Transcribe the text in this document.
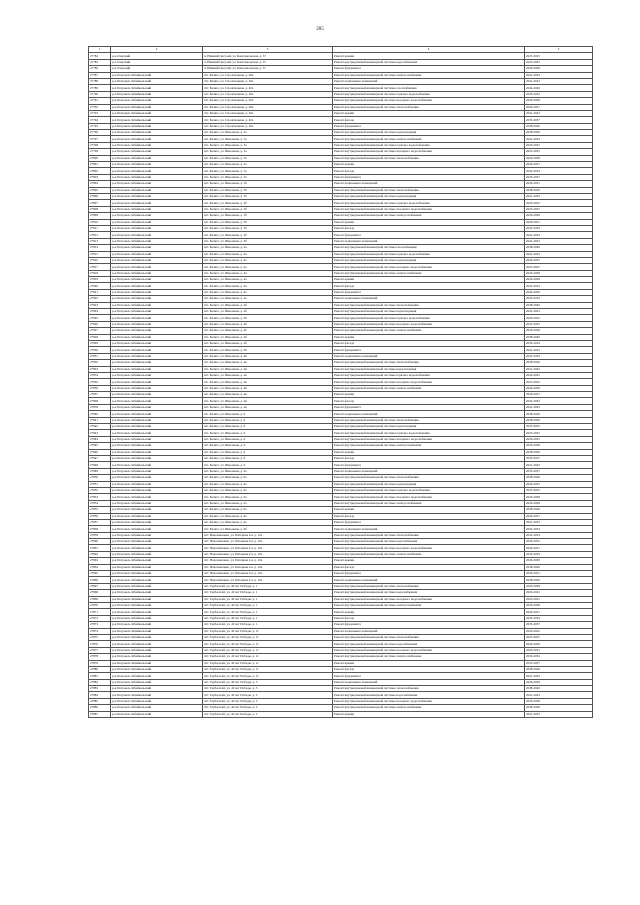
205
1	2	3	4	5
27784	р-н Озерский	п. Нижний Цасучей, ул. Комсомольская, д. 37	Ремонт крыши	2023-2025
27785	р-н Озерский	п. Нижний Цасучей, ул. Комсомольская, д. 37	Ремонт внутридомовой инженерной системы водоснабжения	2023-2025
27786	р-н Озерский	п. Нижний Цасучей, ул. Комсомольская, д. 37	Ремонт фундамента	2026-2028
27787	р-н Петровск-Забайкальский	пгт. Балягa, ул. Строительная, д. 40а	Ремонт внутридомовой инженерной системы электроснабжения	2041-2043
27788	р-н Петровск-Забайкальский	пгт. Балягa, ул. Строительная, д. 40а	Ремонт подвальных помещений	2041-2043
27789	р-н Петровск-Забайкальский	пгт. Балягa, ул. Строительная, д. 40а	Ремонт внутридомовой инженерной системы газоснабжения	2044-2046
27790	р-н Петровск-Забайкальский	пгт. Балягa, ул. Строительная, д. 40а	Ремонт внутридомовой инженерной системы горячего водоснабжения	2020-2022
27791	р-н Петровск-Забайкальский	пгт. Балягa, ул. Строительная, д. 40а	Ремонт внутридомовой инженерной системы холодного водоснабжения	2026-2028
27792	р-н Петровск-Забайкальский	пгт. Балягa, ул. Строительная, д. 40а	Ремонт внутридомовой инженерной системы теплоснабжения	2029-2031
27793	р-н Петровск-Забайкальский	пгт. Балягa, ул. Строительная, д. 40а	Ремонт крыши	2041-2043
27794	р-н Петровск-Забайкальский	пгт. Балягa, ул. Строительная, д. 40а	Ремонт фасада	2035-2037
27795	р-н Петровск-Забайкальский	пгт. Балягa, ул. Строительная, д. 40а	Ремонт фундамента	2038-2040
27796	р-н Петровск-Забайкальский	пгт. Балягa, ул. Школьная, д. 3а	Ремонт внутридомовой инженерной системы водоотведения	2038-2040
27797	р-н Петровск-Забайкальский	пгт. Балягa, ул. Школьная, д. 3а	Ремонт внутридомовой инженерной системы электроснабжения	2041-2043
27798	р-н Петровск-Забайкальский	пгт. Балягa, ул. Школьная, д. 3а	Ремонт внутридомовой инженерной системы горячего водоснабжения	2020-2022
27799	р-н Петровск-Забайкальский	пгт. Балягa, ул. Школьная, д. 3а	Ремонт внутридомовой инженерной системы холодного водоснабжения	2023-2025
27800	р-н Петровск-Забайкальский	пгт. Балягa, ул. Школьная, д. 3а	Ремонт внутридомовой инженерной системы теплоснабжения	2026-2028
27801	р-н Петровск-Забайкальский	пгт. Балягa, ул. Школьная, д. 3а	Ремонт крыши	2029-2031
27802	р-н Петровск-Забайкальский	пгт. Балягa, ул. Школьная, д. 3а	Ремонт фасада	2032-2034
27803	р-н Петровск-Забайкальский	пгт. Балягa, ул. Школьная, д. 3а	Ремонт фундамента	2035-2037
27804	р-н Петровск-Забайкальский	пгт. Балягa, ул. Школьная, д. 3б	Ремонт подвальных помещений	2029-2031
27805	р-н Петровск-Забайкальский	пгт. Балягa, ул. Школьная, д. 3б	Ремонт внутридомовой инженерной системы теплоснабжения	2038-2040
27806	р-н Петровск-Забайкальский	пгт. Балягa, ул. Школьная, д. 3б	Ремонт внутридомовой инженерной системы водоотведения	2041-2043
27807	р-н Петровск-Забайкальский	пгт. Балягa, ул. Школьная, д. 3б	Ремонт внутридомовой инженерной системы горячего водоснабжения	2020-2022
27808	р-н Петровск-Забайкальский	пгт. Балягa, ул. Школьная, д. 3б	Ремонт внутридомовой инженерной системы холодного водоснабжения	2023-2025
27809	р-н Петровск-Забайкальский	пгт. Балягa, ул. Школьная, д. 3б	Ремонт внутридомовой инженерной системы электроснабжения	2026-2028
27810	р-н Петровск-Забайкальский	пгт. Балягa, ул. Школьная, д. 3б	Ремонт крыши	2029-2031
27811	р-н Петровск-Забайкальский	пгт. Балягa, ул. Школьная, д. 3б	Ремонт фасада	2032-2034
27812	р-н Петровск-Забайкальский	пгт. Балягa, ул. Школьная, д. 3б	Ремонт фундамента	2041-2043
27813	р-н Петровск-Забайкальский	пгт. Балягa, ул. Школьная, д. 3б	Ремонт подвальных помещений	2041-2043
27814	р-н Петровск-Забайкальский	пгт. Балягa, ул. Школьная, д. 4а	Ремонт внутридомовой инженерной системы газоснабжения	2038-2040
27815	р-н Петровск-Забайкальский	пгт. Балягa, ул. Школьная, д. 4а	Ремонт внутридомовой инженерной системы горячего водоснабжения	2041-2043
27816	р-н Петровск-Забайкальский	пгт. Балягa, ул. Школьная, д. 4а	Ремонт внутридомовой инженерной системы водоотведения	2020-2022
27817	р-н Петровск-Забайкальский	пгт. Балягa, ул. Школьная, д. 4а	Ремонт внутридомовой инженерной системы холодного водоснабжения	2023-2025
27818	р-н Петровск-Забайкальский	пгт. Балягa, ул. Школьная, д. 4а	Ремонт внутридомовой инженерной системы электроснабжения	2026-2028
27819	р-н Петровск-Забайкальский	пгт. Балягa, ул. Школьная, д. 4а	Ремонт крыши	2026-2028
27820	р-н Петровск-Забайкальский	пгт. Балягa, ул. Школьная, д. 4а	Ремонт фасада	2032-2034
27821	р-н Петровск-Забайкальский	пгт. Балягa, ул. Школьная, д. 4а	Ремонт фундамента	2044-2046
27822	р-н Петровск-Забайкальский	пгт. Балягa, ул. Школьная, д. 4а	Ремонт подвальных помещений	2032-2034
27823	р-н Петровск-Забайкальский	пгт. Балягa, ул. Школьная, д. 4б	Ремонт внутридомовой инженерной системы теплоснабжения	2038-2040
27824	р-н Петровск-Забайкальский	пгт. Балягa, ул. Школьная, д. 4б	Ремонт внутридомовой инженерной системы водоотведения	2041-2043
27825	р-н Петровск-Забайкальский	пгт. Балягa, ул. Школьная, д. 4б	Ремонт внутридомовой инженерной системы горячего водоснабжения	2020-2022
27826	р-н Петровск-Забайкальский	пгт. Балягa, ул. Школьная, д. 4б	Ремонт внутридомовой инженерной системы холодного водоснабжения	2023-2025
27827	р-н Петровск-Забайкальский	пгт. Балягa, ул. Школьная, д. 4б	Ремонт внутридомовой инженерной системы электроснабжения	2026-2028
27828	р-н Петровск-Забайкальский	пгт. Балягa, ул. Школьная, д. 4б	Ремонт крыши	2038-2040
27829	р-н Петровск-Забайкальский	пгт. Балягa, ул. Школьная, д. 4б	Ремонт фасада	2032-2034
27830	р-н Петровск-Забайкальский	пгт. Балягa, ул. Школьная, д. 4б	Ремонт фундамента	2041-2043
27831	р-н Петровск-Забайкальский	пгт. Балягa, ул. Школьная, д. 4в	Ремонт подвальных помещений	2032-2034
27832	р-н Петровск-Забайкальский	пгт. Балягa, ул. Школьная, д. 4в	Ремонт внутридомовой инженерной системы теплоснабжения	2038-2040
27833	р-н Петровск-Забайкальский	пгт. Балягa, ул. Школьная, д. 4в	Ремонт внутридомовой инженерной системы водоотведения	2041-2043
27834	р-н Петровск-Забайкальский	пгт. Балягa, ул. Школьная, д. 4в	Ремонт внутридомовой инженерной системы горячего водоснабжения	2020-2022
27835	р-н Петровск-Забайкальский	пгт. Балягa, ул. Школьная, д. 4в	Ремонт внутридомовой инженерной системы холодного водоснабжения	2023-2025
27836	р-н Петровск-Забайкальский	пгт. Балягa, ул. Школьная, д. 4в	Ремонт внутридомовой инженерной системы электроснабжения	2026-2028
27837	р-н Петровск-Забайкальский	пгт. Балягa, ул. Школьная, д. 4в	Ремонт крыши	2029-2031
27838	р-н Петровск-Забайкальский	пгт. Балягa, ул. Школьная, д. 4в	Ремонт фасада	2032-2034
27839	р-н Петровск-Забайкальский	пгт. Балягa, ул. Школьная, д. 4в	Ремонт фундамента	2041-2043
27840	р-н Петровск-Забайкальский	пгт. Балягa, ул. Школьная, д. 6	Ремонт подвальных помещений	2038-2040
27841	р-н Петровск-Забайкальский	пгт. Балягa, ул. Школьная, д. 6	Ремонт внутридомовой инженерной системы теплоснабжения	2038-2040
27842	р-н Петровск-Забайкальский	пгт. Балягa, ул. Школьная, д. 6	Ремонт внутридомовой инженерной системы водоотведения	2023-2025
27843	р-н Петровск-Забайкальский	пгт. Балягa, ул. Школьная, д. 6	Ремонт внутридомовой инженерной системы горячего водоснабжения	2023-2025
27844	р-н Петровск-Забайкальский	пгт. Балягa, ул. Школьная, д. 6	Ремонт внутридомовой инженерной системы холодного водоснабжения	2020-2022
27845	р-н Петровск-Забайкальский	пгт. Балягa, ул. Школьная, д. 6	Ремонт внутридомовой инженерной системы электроснабжения	2026-2028
27846	р-н Петровск-Забайкальский	пгт. Балягa, ул. Школьная, д. 6	Ремонт крыши	2038-2040
27847	р-н Петровск-Забайкальский	пгт. Балягa, ул. Школьная, д. 6	Ремонт фасада	2035-2037
27848	р-н Петровск-Забайкальский	пгт. Балягa, ул. Школьная, д. 6	Ремонт фундамента	2041-2043
27849	р-н Петровск-Забайкальский	пгт. Балягa, ул. Школьная, д. 6а	Ремонт подвальных помещений	2035-2037
27850	р-н Петровск-Забайкальский	пгт. Балягa, ул. Школьная, д. 6а	Ремонт внутридомовой инженерной системы теплоснабжения	2038-2040
27851	р-н Петровск-Забайкальский	пгт. Балягa, ул. Школьная, д. 6а	Ремонт внутридомовой инженерной системы водоотведения	2020-2022
27852	р-н Петровск-Забайкальский	пгт. Балягa, ул. Школьная, д. 6а	Ремонт внутридомовой инженерной системы горячего водоснабжения	2023-2025
27853	р-н Петровск-Забайкальский	пгт. Балягa, ул. Школьная, д. 6а	Ремонт внутридомовой инженерной системы холодного водоснабжения	2026-2028
27854	р-н Петровск-Забайкальский	пгт. Балягa, ул. Школьная, д. 6а	Ремонт внутридомовой инженерной системы электроснабжения	2026-2028
27855	р-н Петровск-Забайкальский	пгт. Балягa, ул. Школьная, д. 6а	Ремонт крыши	2038-2040
27856	р-н Петровск-Забайкальский	пгт. Балягa, ул. Школьная, д. 6а	Ремонт фасада	2029-2031
27857	р-н Петровск-Забайкальский	пгт. Балягa, ул. Школьная, д. 6а	Ремонт фундамента	2041-2043
27858	р-н Петровск-Забайкальский	пгт. Балягa, ул. Школьная, д. 6б	Ремонт подвальных помещений	2032-2034
27859	р-н Петровск-Забайкальский	пгт. Новопавловка, ул. Пятерная 2-я, д. 10а	Ремонт внутридомовой инженерной системы теплоснабжения	2032-2034
27860	р-н Петровск-Забайкальский	пгт. Новопавловка, ул. Пятерная 2-я, д. 10а	Ремонт внутридомовой инженерной системы водоснабжения	2020-2022
27861	р-н Петровск-Забайкальский	пгт. Новопавловка, ул. Пятерная 2-я, д. 10а	Ремонт внутридомовой инженерной системы холодного водоснабжения	2029-2031
27862	р-н Петровск-Забайкальский	пгт. Новопавловка, ул. Пятерная 2-я, д. 10а	Ремонт внутридомовой инженерной системы электроснабжения	2032-2034
27863	р-н Петровск-Забайкальский	пгт. Новопавловка, ул. Пятерная 2-я, д. 10а	Ремонт крыши	2026-2028
27864	р-н Петровск-Забайкальский	пгт. Новопавловка, ул. Пятерная 2-я, д. 10а	Ремонт фасада	2038-2040
27865	р-н Петровск-Забайкальский	пгт. Новопавловка, ул. Пятерная 2-я, д. 10а	Ремонт фундамента	2029-2031
27866	р-н Петровск-Забайкальский	пгт. Новопавловка, ул. Пятерная 2-я, д. 10а	Ремонт подвальных помещений	2038-2040
27867	р-н Петровск-Забайкальский	пгт. Тарбагатай, ул. 40 лет Победы, д. 1	Ремонт внутридомовой инженерной системы теплоснабжения	2026-2028
27868	р-н Петровск-Забайкальский	пгт. Тарбагатай, ул. 40 лет Победы, д. 1	Ремонт внутридомовой инженерной системы водоснабжения	2020-2022
27869	р-н Петровск-Забайкальский	пгт. Тарбагатай, ул. 40 лет Победы, д. 1	Ремонт внутридомовой инженерной системы холодного водоснабжения	2023-2025
27870	р-н Петровск-Забайкальский	пгт. Тарбагатай, ул. 40 лет Победы, д. 1	Ремонт внутридомовой инженерной системы электроснабжения	2026-2028
27871	р-н Петровск-Забайкальский	пгт. Тарбагатай, ул. 40 лет Победы, д. 1	Ремонт крыши	2029-2031
27872	р-н Петровск-Забайкальский	пгт. Тарбагатай, ул. 40 лет Победы, д. 1	Ремонт фасада	2032-2034
27873	р-н Петровск-Забайкальский	пгт. Тарбагатай, ул. 40 лет Победы, д. 1	Ремонт фундамента	2035-2037
27874	р-н Петровск-Забайкальский	пгт. Тарбагатай, ул. 40 лет Победы, д. 11	Ремонт подвальных помещений	2020-2022
27875	р-н Петровск-Забайкальский	пгт. Тарбагатай, ул. 40 лет Победы, д. 11	Ремонт внутридомовой инженерной системы теплоснабжения	2023-2025
27876	р-н Петровск-Забайкальский	пгт. Тарбагатай, ул. 40 лет Победы, д. 11	Ремонт внутридомовой инженерной системы водоснабжения	2026-2028
27877	р-н Петровск-Забайкальский	пгт. Тарбагатай, ул. 40 лет Победы, д. 11	Ремонт внутридомовой инженерной системы холодного водоснабжения	2029-2031
27878	р-н Петровск-Забайкальский	пгт. Тарбагатай, ул. 40 лет Победы, д. 11	Ремонт внутридомовой инженерной системы электроснабжения	2032-2034
27879	р-н Петровск-Забайкальский	пгт. Тарбагатай, ул. 40 лет Победы, д. 11	Ремонт крыши	2035-2037
27880	р-н Петровск-Забайкальский	пгт. Тарбагатай, ул. 40 лет Победы, д. 11	Ремонт фасада	2038-2040
27881	р-н Петровск-Забайкальский	пгт. Тарбагатай, ул. 40 лет Победы, д. 11	Ремонт фундамента	2041-2043
27882	р-н Петровск-Забайкальский	пгт. Тарбагатай, ул. 40 лет Победы, д. 3	Ремонт подвальных помещений	2026-2028
27883	р-н Петровск-Забайкальский	пгт. Тарбагатай, ул. 40 лет Победы, д. 3	Ремонт внутридомовой инженерной системы теплоснабжения	2038-2040
27884	р-н Петровск-Забайкальский	пгт. Тарбагатай, ул. 40 лет Победы, д. 3	Ремонт внутридомовой инженерной системы водоснабжения	2041-2043
27885	р-н Петровск-Забайкальский	пгт. Тарбагатай, ул. 40 лет Победы, д. 3	Ремонт внутридомовой инженерной системы холодного водоснабжения	2026-2028
27886	р-н Петровск-Забайкальский	пгт. Тарбагатай, ул. 40 лет Победы, д. 3	Ремонт внутридомовой инженерной системы электроснабжения	2038-2040
27887	р-н Петровск-Забайкальский	пгт. Тарбагатай, ул. 40 лет Победы, д. 3	Ремонт крыши	2041-2043
